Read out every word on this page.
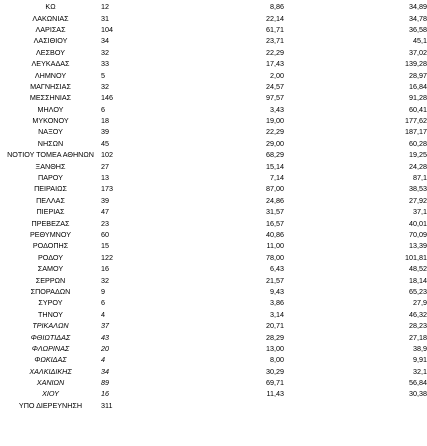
ΚΩ	12	8,86	34,89
ΛΑΚΩΝΙΑΣ	31	22,14	34,78
ΛΑΡΙΣΑΣ	104	61,71	36,58
ΛΑΣΙΘΙΟΥ	34	23,71	45,1
ΛΕΣΒΟΥ	32	22,29	37,02
ΛΕΥΚΑΔΑΣ	33	17,43	139,28
ΛΗΜΝΟΥ	5	2,00	28,97
ΜΑΓΝΗΣΙΑΣ	32	24,57	16,84
ΜΕΣΣΗΝΙΑΣ	146	97,57	91,28
ΜΗΛΟΥ	6	3,43	60,41
ΜΥΚΟΝΟΥ	18	19,00	177,62
ΝΑΞΟΥ	39	22,29	187,17
ΝΗΣΩΝ	45	29,00	60,28
ΝΟΤΙΟΥ ΤΟΜΕΑ ΑΘΗΝΩΝ	102	68,29	19,25
ΞΑΝΘΗΣ	27	15,14	24,28
ΠΑΡΟΥ	13	7,14	87,1
ΠΕΙΡΑΙΩΣ	173	87,00	38,53
ΠΕΛΛΑΣ	39	24,86	27,92
ΠΙΕΡΙΑΣ	47	31,57	37,1
ΠΡΕΒΕΖΑΣ	23	16,57	40,01
ΡΕΘΥΜΝΟΥ	60	40,86	70,09
ΡΟΔΟΠΗΣ	15	11,00	13,39
ΡΟΔΟΥ	122	78,00	101,81
ΣΑΜΟΥ	16	6,43	48,52
ΣΕΡΡΩΝ	32	21,57	18,14
ΣΠΟΡΑΔΩΝ	9	9,43	65,23
ΣΥΡΟΥ	6	3,86	27,9
ΤΗΝΟΥ	4	3,14	46,32
ΤΡΙΚΑΛΩΝ	37	20,71	28,23
ΦΘΙΩΤΙΔΑΣ	43	28,29	27,18
ΦΛΩΡΙΝΑΣ	20	13,00	38,9
ΦΩΚΙΔΑΣ	4	8,00	9,91
ΧΑΛΚΙΔΙΚΗΣ	34	30,29	32,1
ΧΑΝΙΩΝ	89	69,71	56,84
ΧΙΟΥ	16	11,43	30,38
ΥΠΟ ΔΙΕΡΕΥΝΗΣΗ	311		
